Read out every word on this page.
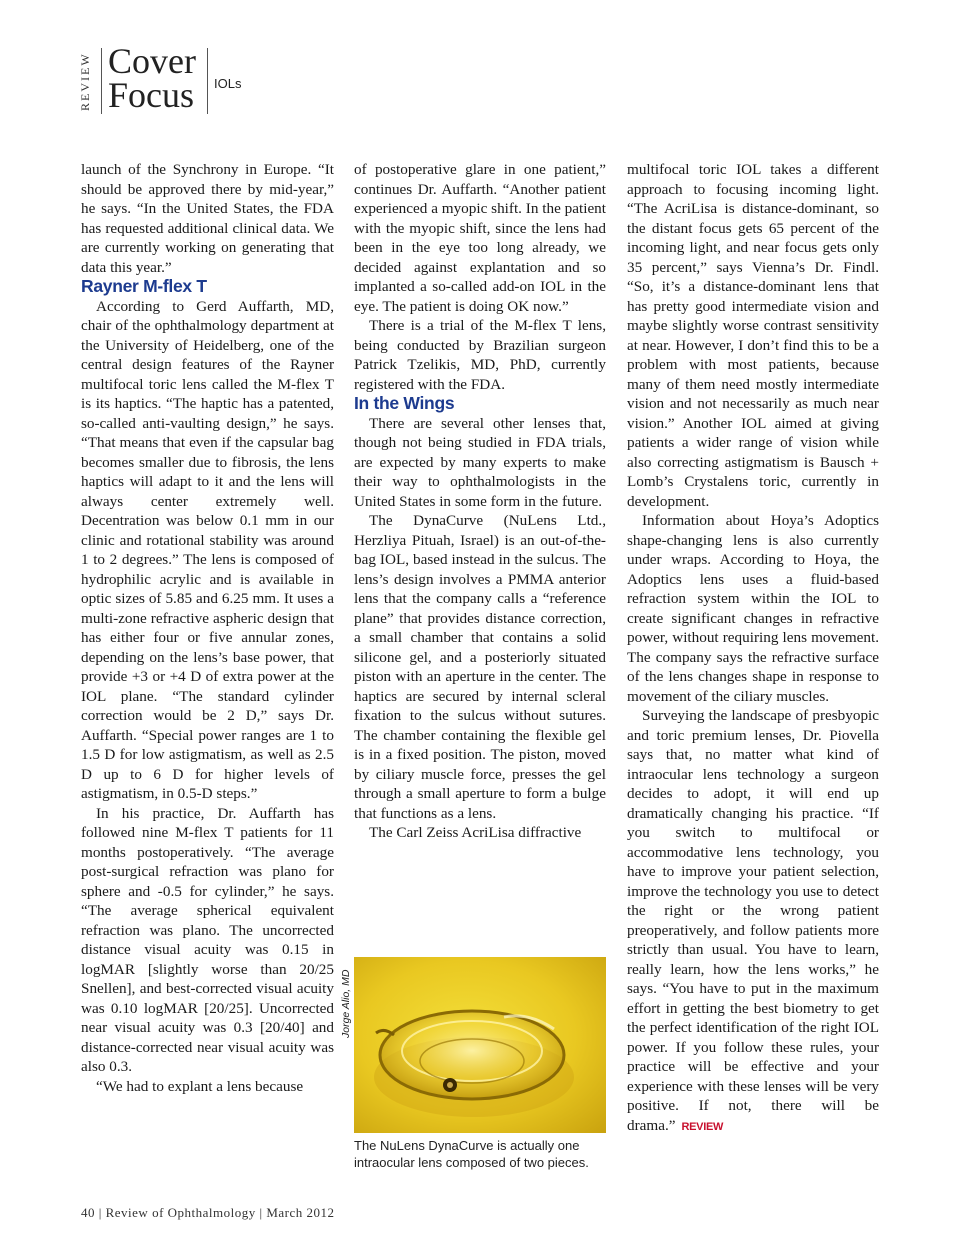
REVIEW Cover
Focus IOLs

launch of the Synchrony in Europe. “It should be approved there by mid-year,” he says. “In the United States, the FDA has requested additional clinical data. We are currently working on generating that data this year.”

Rayner M-flex T

According to Gerd Auffarth, MD, chair of the ophthalmology department at the University of Heidelberg, one of the central design features of the Rayner multifocal toric lens called the M-flex T is its haptics. “The haptic has a patented, so-called anti-vaulting design,” he says. “That means that even if the capsular bag becomes smaller due to fibrosis, the lens haptics will adapt to it and the lens will always center extremely well. Decentration was below 0.1 mm in our clinic and rotational stability was around 1 to 2 degrees.” The lens is composed of hydrophilic acrylic and is available in optic sizes of 5.85 and 6.25 mm. It uses a multi-zone refractive aspheric design that has either four or five annular zones, depending on the lens’s base power, that provide +3 or +4 D of extra power at the IOL plane. “The standard cylinder correction would be 2 D,” says Dr. Auffarth. “Special power ranges are 1 to 1.5 D for low astigmatism, as well as 2.5 D up to 6 D for higher levels of astigmatism, in 0.5-D steps.”

In his practice, Dr. Auffarth has followed nine M-flex T patients for 11 months postoperatively. “The average post-surgical refraction was plano for sphere and -0.5 for cylinder,” he says. “The average spherical equivalent refraction was plano. The uncorrected distance visual acuity was 0.15 in logMAR [slightly worse than 20/25 Snellen], and best-corrected visual acuity was 0.10 logMAR [20/25]. Uncorrected near visual acuity was 0.3 [20/40] and distance-corrected near visual acuity was also 0.3.

“We had to explant a lens because

of postoperative glare in one patient,” continues Dr. Auffarth. “Another patient experienced a myopic shift. In the patient with the myopic shift, since the lens had been in the eye too long already, we decided against explantation and so implanted a so-called add-on IOL in the eye. The patient is doing OK now.”

There is a trial of the M-flex T lens, being conducted by Brazilian surgeon Patrick Tzelikis, MD, PhD, currently registered with the FDA.

In the Wings

There are several other lenses that, though not being studied in FDA trials, are expected by many experts to make their way to ophthalmologists in the United States in some form in the future.

The DynaCurve (NuLens Ltd., Herzliya Pituah, Israel) is an out-of-the-bag IOL, based instead in the sulcus. The lens’s design involves a PMMA anterior lens that the company calls a “reference plane” that provides distance correction, a small chamber that contains a solid silicone gel, and a posteriorly situated piston with an aperture in the center. The haptics are secured by internal scleral fixation to the sulcus without sutures. The chamber containing the flexible gel is in a fixed position. The piston, moved by ciliary muscle force, presses the gel through a small aperture to form a bulge that functions as a lens.

The Carl Zeiss AcriLisa diffractive

Jorge Alio, MD
The NuLens DynaCurve is actually one intraocular lens composed of two pieces.

multifocal toric IOL takes a different approach to focusing incoming light. “The AcriLisa is distance-dominant, so the distant focus gets 65 percent of the incoming light, and near focus gets only 35 percent,” says Vienna’s Dr. Findl. “So, it’s a distance-dominant lens that has pretty good intermediate vision and maybe slightly worse contrast sensitivity at near. However, I don’t find this to be a problem with most patients, because many of them need mostly intermediate vision and not necessarily as much near vision.” Another IOL aimed at giving patients a wider range of vision while also correcting astigmatism is Bausch + Lomb’s Crystalens toric, currently in development.

Information about Hoya’s Adoptics shape-changing lens is also currently under wraps. According to Hoya, the Adoptics lens uses a fluid-based refraction system within the IOL to create significant changes in refractive power, without requiring lens movement. The company says the refractive surface of the lens changes shape in response to movement of the ciliary muscles.

Surveying the landscape of presbyopic and toric premium lenses, Dr. Piovella says that, no matter what kind of intraocular lens technology a surgeon decides to adopt, it will end up dramatically changing his practice. “If you switch to multifocal or accommodative lens technology, you have to improve your patient selection, improve the technology you use to detect the right or the wrong patient preoperatively, and follow patients more strictly than usual. You have to learn, really learn, how the lens works,” he says. “You have to put in the maximum effort in getting the best biometry to get the perfect identification of the right IOL power. If you follow these rules, your practice will be effective and your experience with these lenses will be very positive. If not, there will be drama.” REVIEW

40 | Review of Ophthalmology | March 2012
